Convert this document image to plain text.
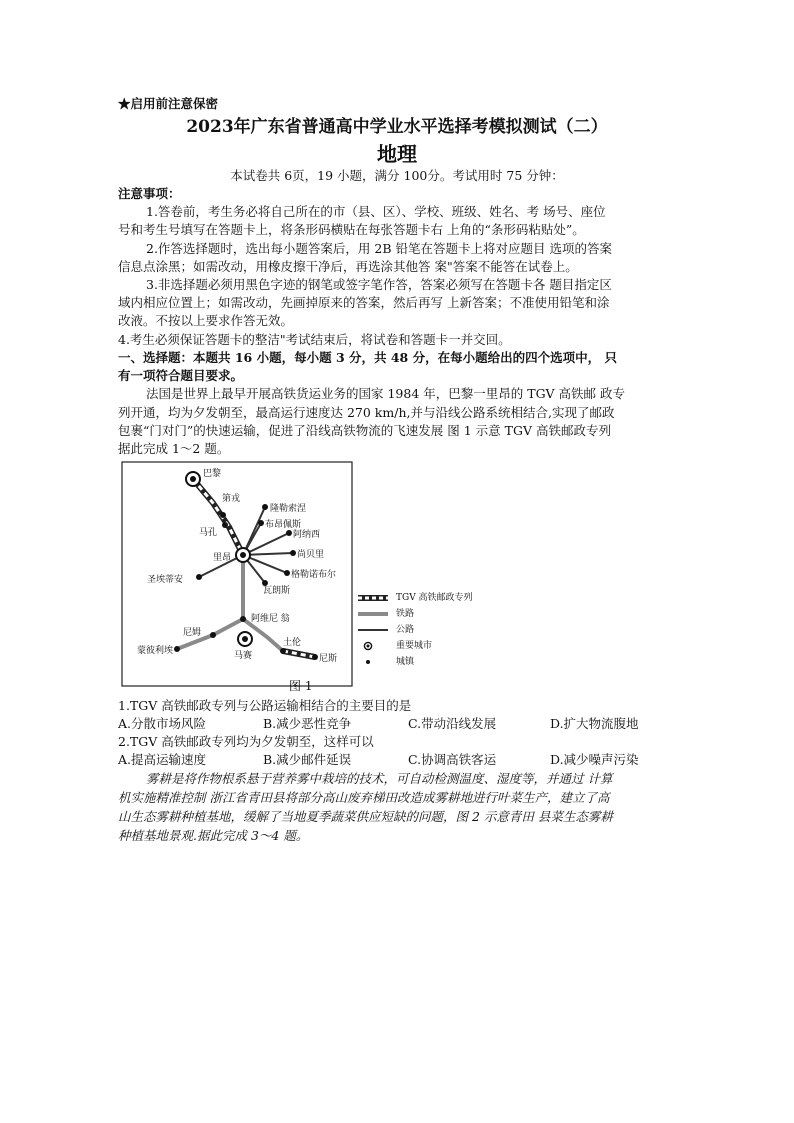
★启用前注意保密
2023年广东省普通高中学业水平选择考模拟测试（二）
地理
本试卷共 6页，19 小题，满分 100分。考试用时 75 分钟：
注意事项：
1.答卷前，考生务必将自己所在的市（县、区）、学校、班级、姓名、考 场号、座位
号和考生号填写在答题卡上，将条形码横贴在每张答题卡右 上角的“条形码粘贴处”。
2.作答选择题时，选出每小题答案后，用 2B 铅笔在答题卡上将对应题目 选项的答案
信息点涂黑；如需改动，用橡皮擦干净后，再选涂其他答 案"答案不能答在试卷上。
3.非选择题必须用黑色字迹的钢笔或签字笔作答，答案必须写在答题卡各 题目指定区
域内相应位置上；如需改动，先画掉原来的答案，然后再写 上新答案；不准使用铅笔和涂
改液。不按以上要求作答无效。
4.考生必须保证答题卡的整洁"考试结束后，将试卷和答题卡一并交回。
一、选择题：本题共 16 小题，每小题 3 分，共 48 分，在每小题给出的四个选项中， 只
有一项符合题目要求。
法国是世界上最早开展高铁货运业务的国家 1984 年，巴黎一里昂的 TGV 高铁邮 政专
列开通，均为夕发朝至，最高运行速度达 270 km/h,并与沿线公路系统相结合,实现了邮政
包裹“门对门”的快速运输，促进了沿线高铁物流的飞速发展 图 1 示意 TGV 高铁邮政专列
据此完成 1～2 题。
巴黎
第戎
隆勒索涅
布昂佩斯
马孔	阿纳西
里昂	尚贝里
格勒诺布尔
瓦朗斯
圣埃蒂安
阿维尼 翁
尼姆
蒙彼利埃	马赛
土伦
尼斯
TGV 高铁邮政专列
铁路
公路
重要城市
城镇
图 1
1.TGV 高铁邮政专列与公路运输相结合的主要目的是
A.分散市场风险	B.减少恶性竞争	C.带动沿线发展	D.扩大物流腹地
2.TGV 高铁邮政专列均为夕发朝至，这样可以
A.提高运输速度	B.减少邮件延误	C.协调高铁客运	D.减少噪声污染
雾耕是将作物根系悬于营养雾中栽培的技术，可自动检测温度、湿度等，并通过 计算
机实施精准控制 浙江省青田县将部分高山废弃梯田改造成雾耕地进行叶菜生产，建立了高
山生态雾耕种植基地，缓解了当地夏季蔬菜供应短缺的问题，图 2 示意青田 县菜生态雾耕
种植基地景观.据此完成 3～4 题。
